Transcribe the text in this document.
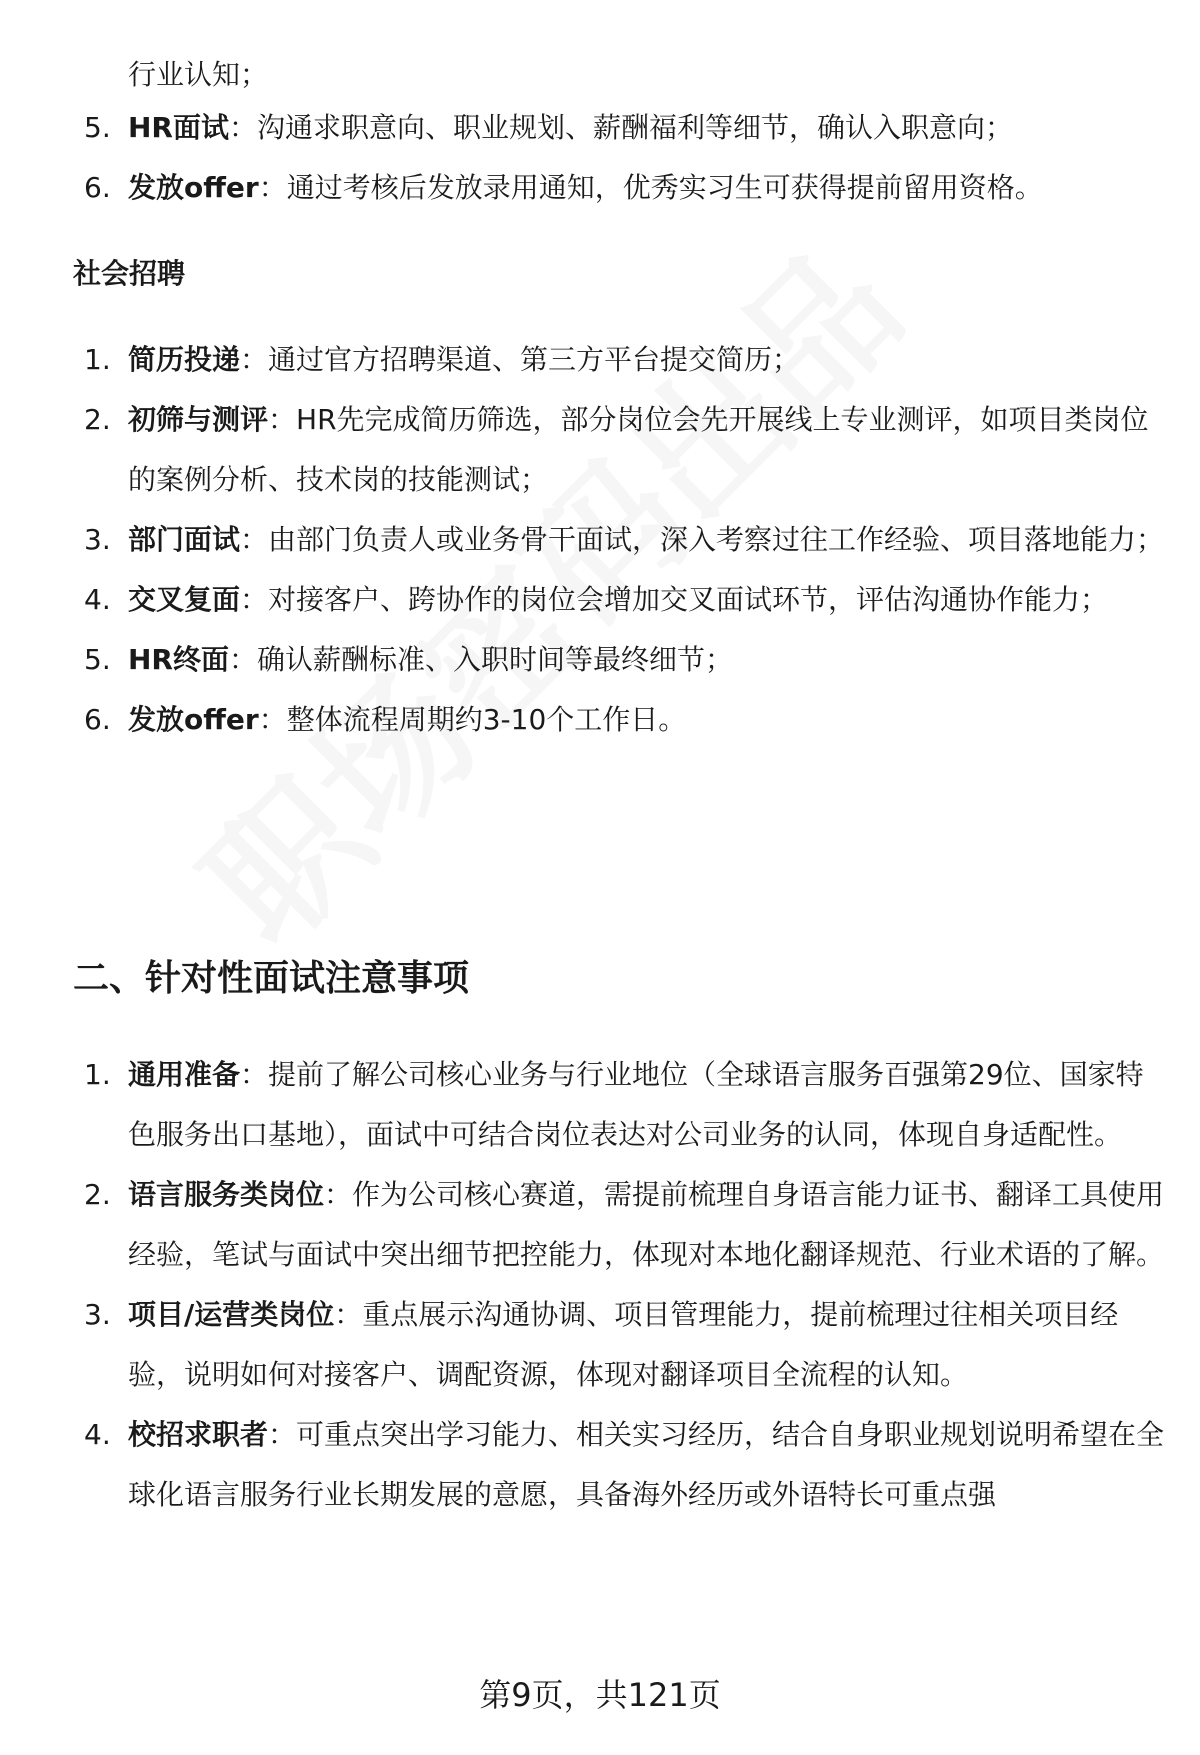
行业认知；
5. HR面试：沟通求职意向、职业规划、薪酬福利等细节，确认入职意向；
6. 发放offer：通过考核后发放录用通知，优秀实习生可获得提前留用资格。
社会招聘
1. 简历投递：通过官方招聘渠道、第三方平台提交简历；
2. 初筛与测评：HR先完成简历筛选，部分岗位会先开展线上专业测评，如项目类岗位的案例分析、技术岗的技能测试；
3. 部门面试：由部门负责人或业务骨干面试，深入考察过往工作经验、项目落地能力；
4. 交叉复面：对接客户、跨协作的岗位会增加交叉面试环节，评估沟通协作能力；
5. HR终面：确认薪酬标准、入职时间等最终细节；
6. 发放offer：整体流程周期约3-10个工作日。
二、针对性面试注意事项
1. 通用准备：提前了解公司核心业务与行业地位（全球语言服务百强第29位、国家特色服务出口基地），面试中可结合岗位表达对公司业务的认同，体现自身适配性。
2. 语言服务类岗位：作为公司核心赛道，需提前梳理自身语言能力证书、翻译工具使用经验，笔试与面试中突出细节把控能力，体现对本地化翻译规范、行业术语的了解。
3. 项目/运营类岗位：重点展示沟通协调、项目管理能力，提前梳理过往相关项目经验，说明如何对接客户、调配资源，体现对翻译项目全流程的认知。
4. 校招求职者：可重点突出学习能力、相关实习经历，结合自身职业规划说明希望在全球化语言服务行业长期发展的意愿，具备海外经历或外语特长可重点强
第9页，共121页
